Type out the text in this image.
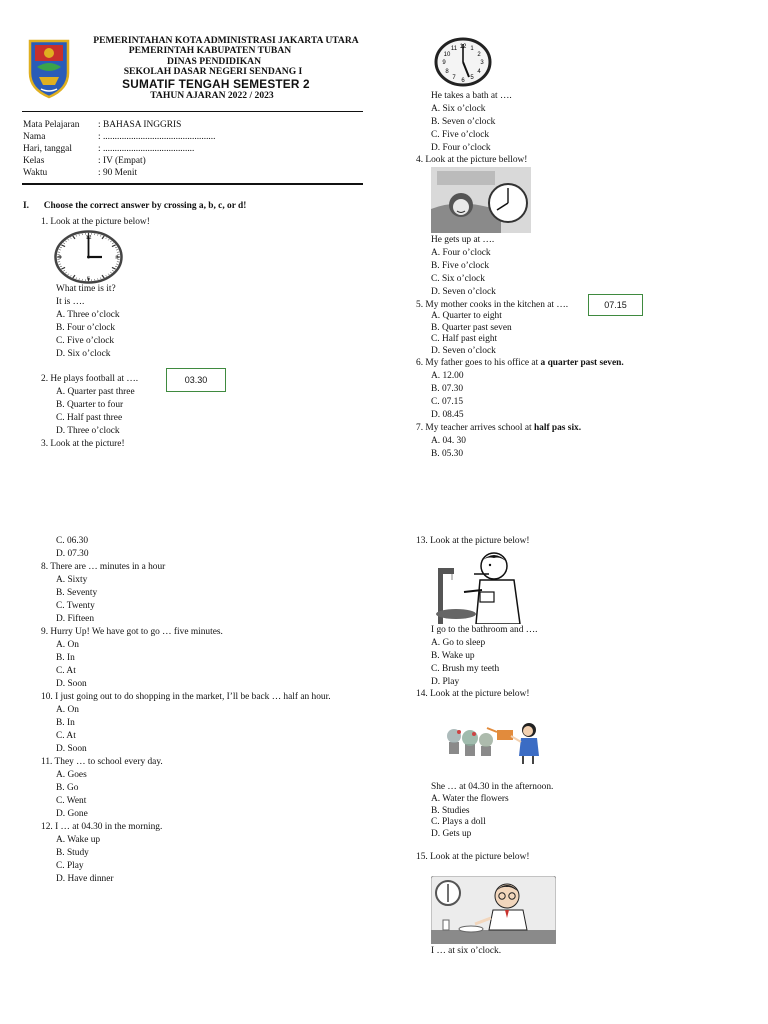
PEMERINTAHAN KOTA ADMINISTRASI JAKARTA UTARA
PEMERINTAH KABUPATEN TUBAN
DINAS PENDIDIKAN
SEKOLAH DASAR NEGERI SENDANG I
SUMATIF TENGAH SEMESTER 2
TAHUN AJARAN 2022 / 2023
Mata Pelajaran	: BAHASA INGGRIS
Nama	: ................................................
Hari, tanggal	: .......................................
Kelas	: IV (Empat)
Waktu	: 90 Menit
I. Choose the correct answer by crossing a, b, c, or d!
1. Look at the picture below!
12
3
6
9
What time is it?
It is ….
A. Three o’clock
B. Four o’clock
C. Five o’clock
D. Six o’clock
2. He plays football at ….	03.30
A. Quarter past three
B. Quarter to four
C. Half past three
D. Three o’clock
3. Look at the picture!
12 1
2
3
4
5
6
7
8
9
10
11
He takes a bath at ….
A. Six o’clock
B. Seven o’clock
C. Five o’clock
D. Four o’clock
4. Look at the picture bellow!
He gets up at ….
A. Four o’clock
B. Five o’clock
C. Six o’clock
D. Seven o’clock
5. My mother cooks in the kitchen at ….	07.15
A. Quarter to eight
B. Quarter past seven
C. Half past eight
D. Seven o’clock
6. My father goes to his office at a quarter past seven.
A. 12.00
B. 07.30
C. 07.15
D. 08.45
7. My teacher arrives school at half pas six.
A. 04. 30
B. 05.30
C. 06.30
D. 07.30
8. There are … minutes in a hour
A. Sixty
B. Seventy
C. Twenty
D. Fifteen
9. Hurry Up! We have got to go … five minutes.
A. On
B. In
C. At
D. Soon
10. I just going out to do shopping in the market, I’ll be back … half an hour.
A. On
B. In
C. At
D. Soon
11. They … to school every day.
A. Goes
B. Go
C. Went
D. Gone
12. I … at 04.30 in the morning.
A. Wake up
B. Study
C. Play
D. Have dinner
13. Look at the picture below!
I go to the bathroom and ….
A. Go to sleep
B. Wake up
C. Brush my teeth
D. Play
14. Look at the picture below!
She … at 04.30 in the afternoon.
A. Water the flowers
B. Studies
C. Plays a doll
D. Gets up
15. Look at the picture below!
I … at six o’clock.
